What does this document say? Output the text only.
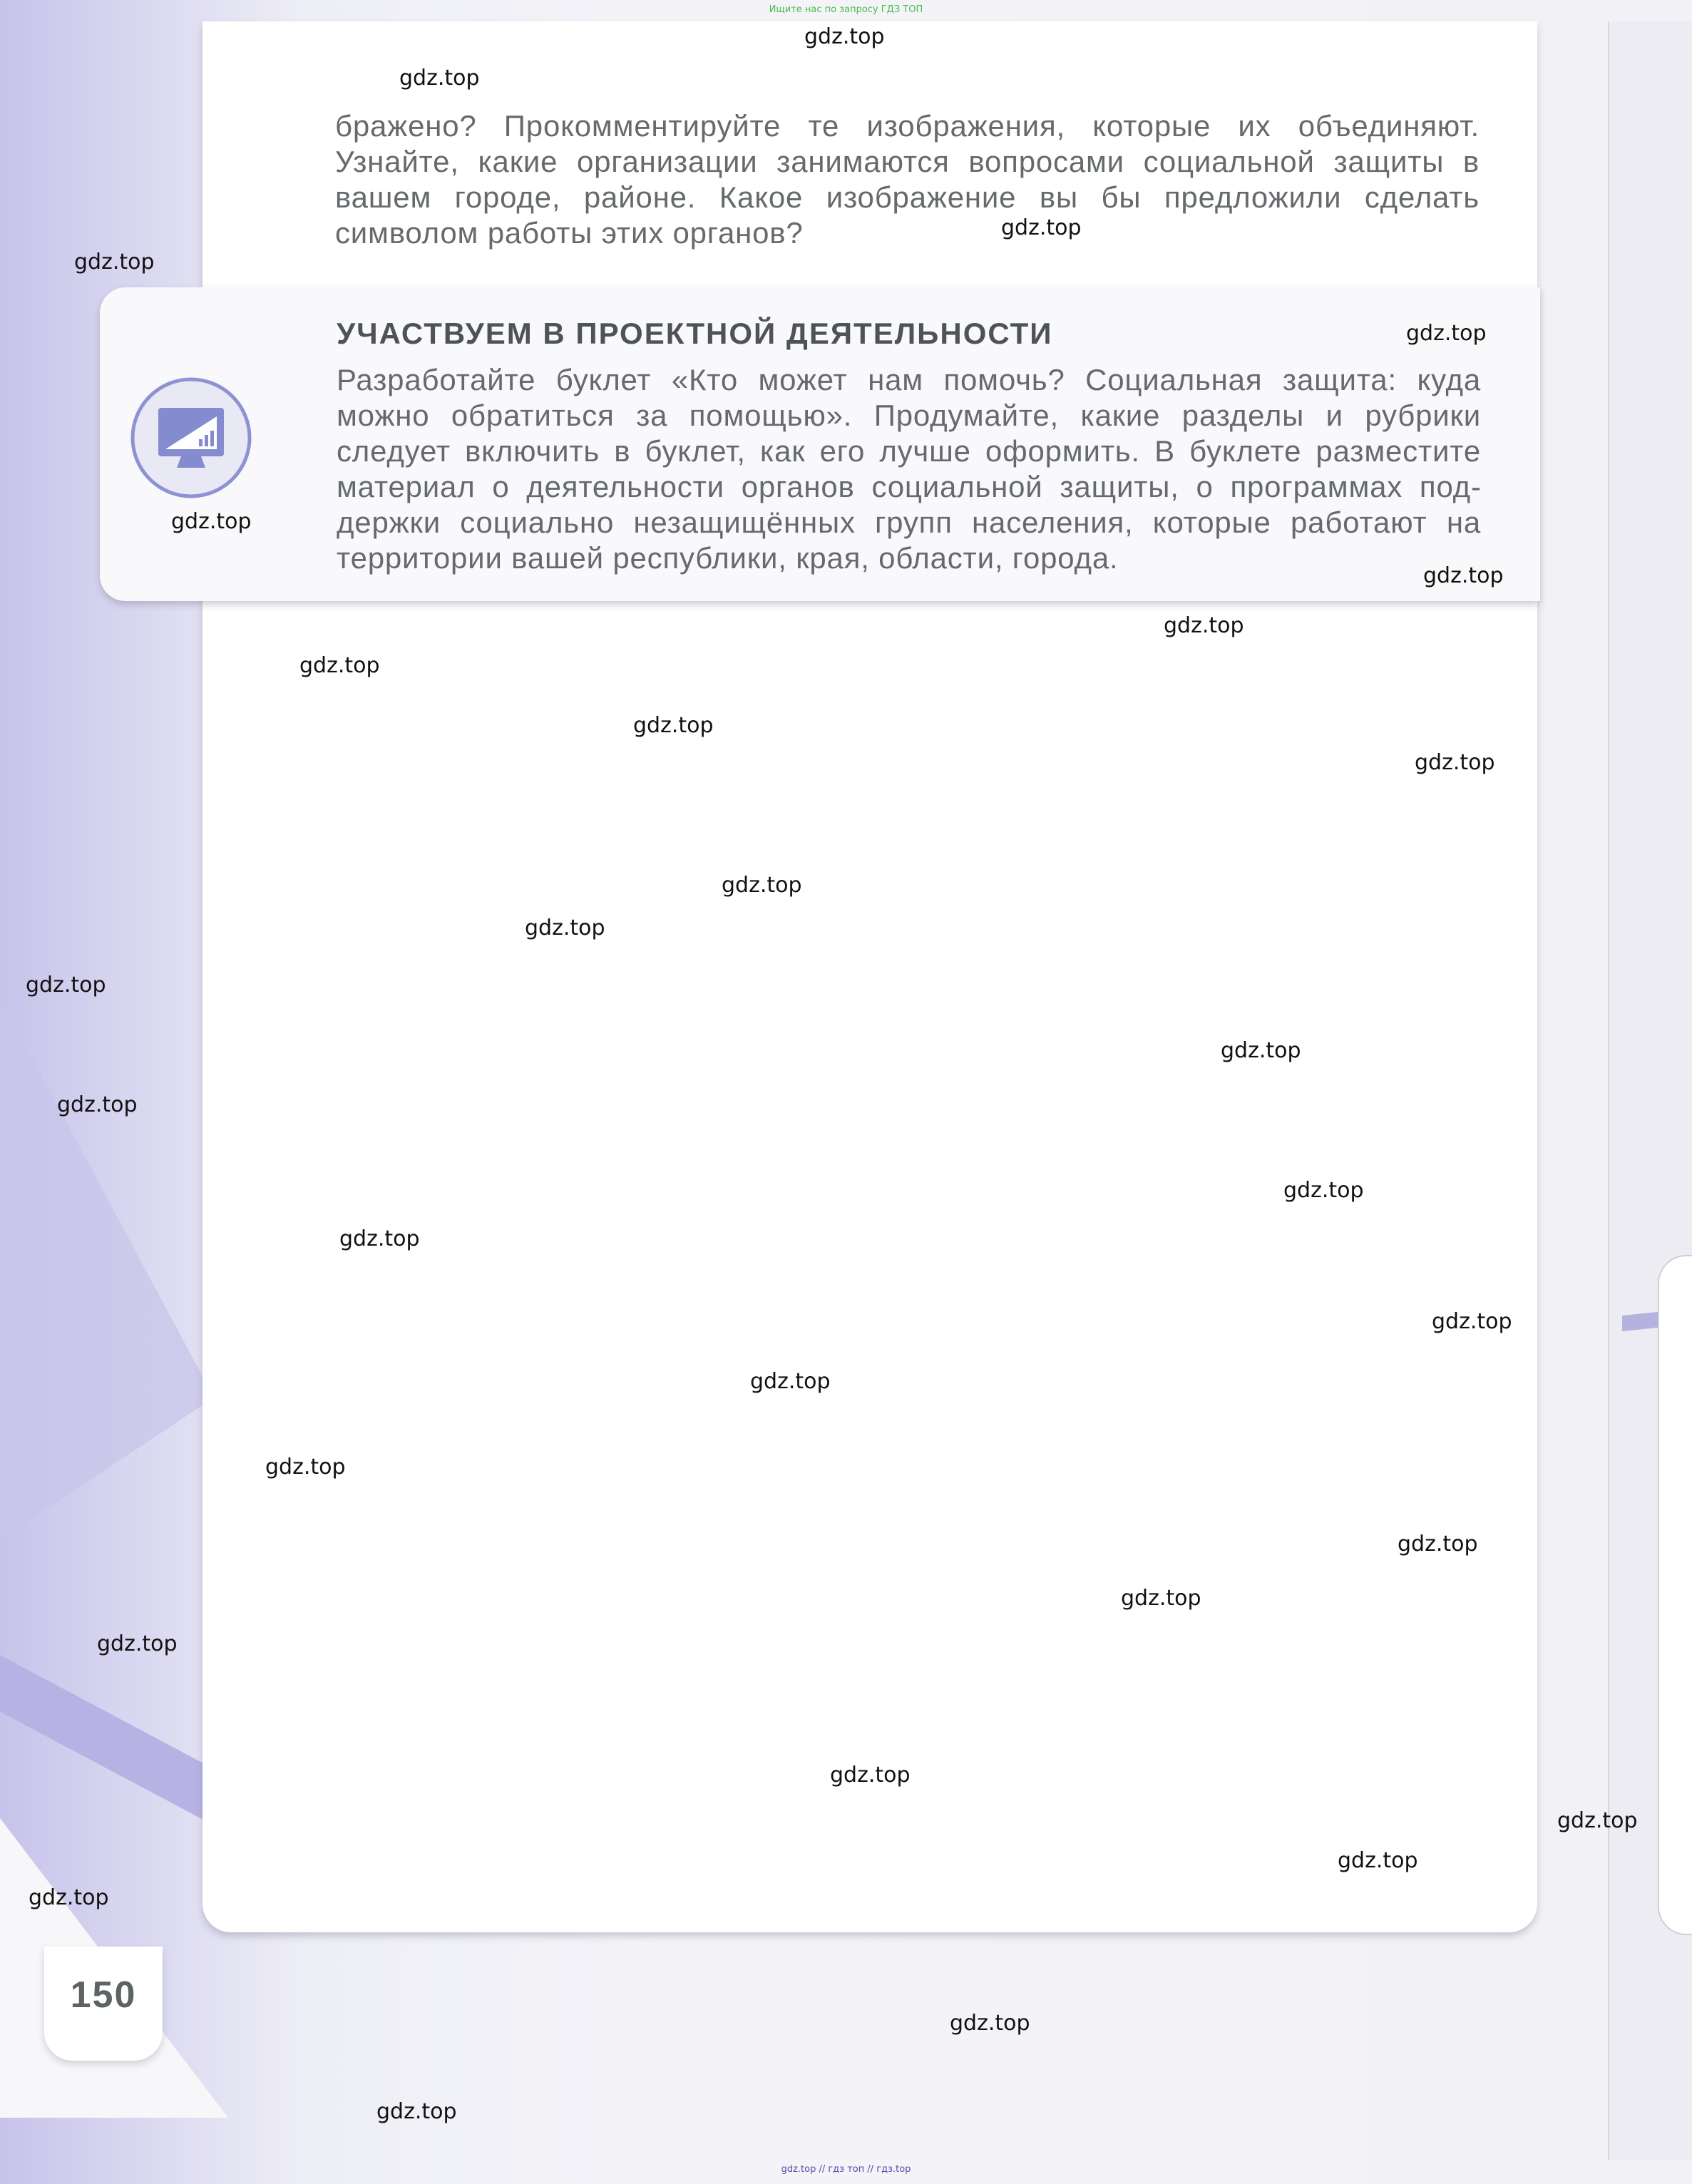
Ищите нас по запросу ГДЗ ТОП
бражено? Прокомментируйте те изображения, которые их объединяют. Узнайте, какие организации занимаются вопросами социальной защиты в вашем городе, районе. Какое изображение вы бы предложили сделать символом работы этих органов?
УЧАСТВУЕМ В ПРОЕКТНОЙ ДЕЯТЕЛЬНОСТИ
Разработайте буклет «Кто может нам помочь? Социальная защита: куда можно обратиться за помощью». Продумайте, какие разделы и рубрики следует включить в буклет, как его лучше оформить. В буклете разместите материал о деятельности органов социальной защиты, о программах поддержки социально незащищённых групп населения, которые работают на территории вашей республики, края, области, города.
150
gdz.top
gdz.top
gdz.top
gdz.top
gdz.top
gdz.top
gdz.top
gdz.top
gdz.top
gdz.top
gdz.top
gdz.top
gdz.top
gdz.top
gdz.top
gdz.top
gdz.top
gdz.top
gdz.top
gdz.top
gdz.top
gdz.top
gdz.top
gdz.top
gdz.top
gdz.top
gdz.top
gdz.top
gdz.top
gdz.top
gdz.top // гдз топ // гдз.top
